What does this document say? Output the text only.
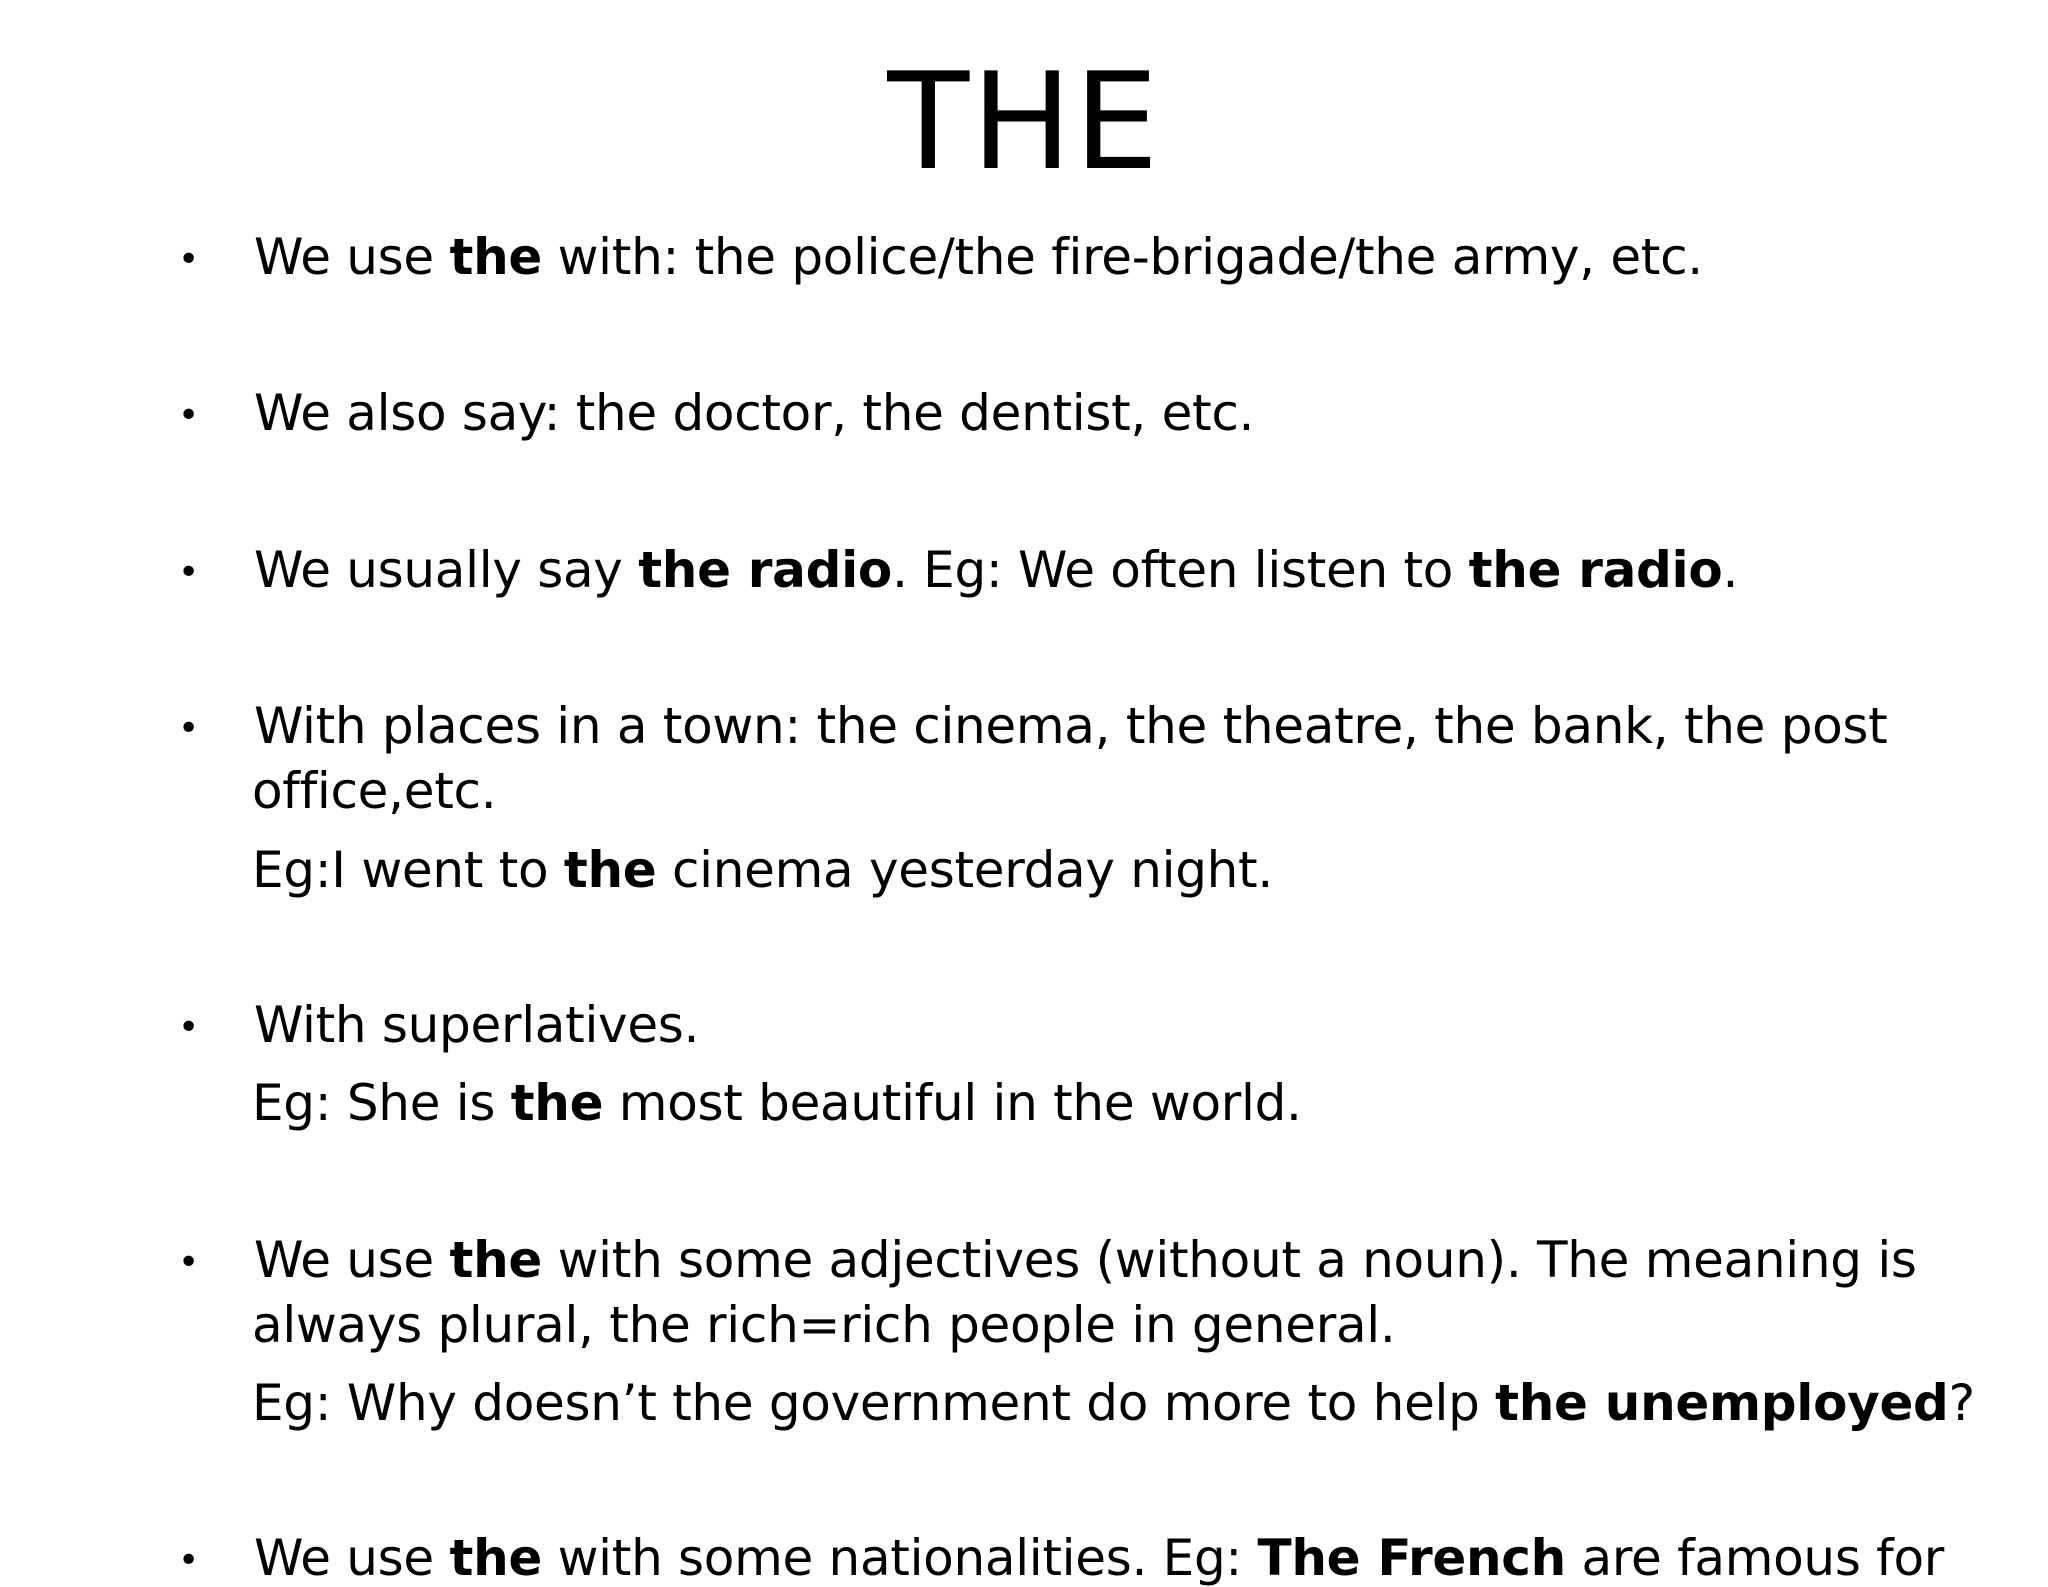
THE
• We use the with: the police/the fire-brigade/the army, etc.
• We also say: the doctor, the dentist, etc.
• We usually say the radio. Eg: We often listen to the radio.
• With places in a town: the cinema, the theatre, the bank, the post
office,etc.
Eg:I went to the cinema yesterday night.
• With superlatives.
Eg: She is the most beautiful in the world.
• We use the with some adjectives (without a noun). The meaning is
always plural, the rich=rich people in general.
Eg: Why doesn’t the government do more to help the unemployed?
• We use the with some nationalities. Eg: The French are famous for
